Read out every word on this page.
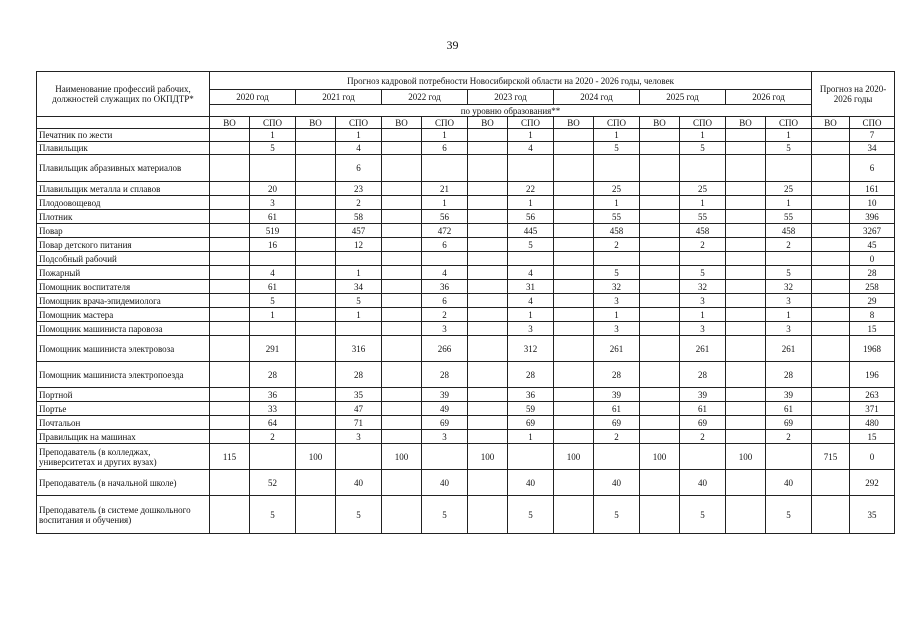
39
Наименование профессий рабочих, должностей служащих по ОКПДТР*	Прогноз кадровой потребности Новосибирской области на 2020 - 2026 годы, человек														Прогноз на 2020-2026 годы	
	2020 год		2021 год		2022 год		2023 год		2024 год		2025 год		2026 год			
	по уровню образования**															
	ВО	СПО	ВО	СПО	ВО	СПО	ВО	СПО	ВО	СПО	ВО	СПО	ВО	СПО	ВО	СПО
Печатник по жести		1		1		1		1		1		1		1		7
Плавильщик		5		4		6		4		5		5		5		34
Плавильщик абразивных материалов				6												6
Плавильщик металла и сплавов		20		23		21		22		25		25		25		161
Плодоовощевод		3		2		1		1		1		1		1		10
Плотник		61		58		56		56		55		55		55		396
Повар		519		457		472		445		458		458		458		3267
Повар детского питания		16		12		6		5		2		2		2		45
Подсобный рабочий																0
Пожарный		4		1		4		4		5		5		5		28
Помощник воспитателя		61		34		36		31		32		32		32		258
Помощник врача-эпидемиолога		5		5		6		4		3		3		3		29
Помощник мастера		1		1		2		1		1		1		1		8
Помощник машиниста паровоза						3		3		3		3		3		15
Помощник машиниста электровоза		291		316		266		312		261		261		261		1968
Помощник машиниста электропоезда		28		28		28		28		28		28		28		196
Портной		36		35		39		36		39		39		39		263
Портье		33		47		49		59		61		61		61		371
Почтальон		64		71		69		69		69		69		69		480
Правильщик на машинах		2		3		3		1		2		2		2		15
Преподаватель (в колледжах, университетах и других вузах)	115		100		100		100		100		100		100		715	0
Преподаватель (в начальной школе)		52		40		40		40		40		40		40		292
Преподаватель (в системе дошкольного воспитания и обучения)		5		5		5		5		5		5		5		35
